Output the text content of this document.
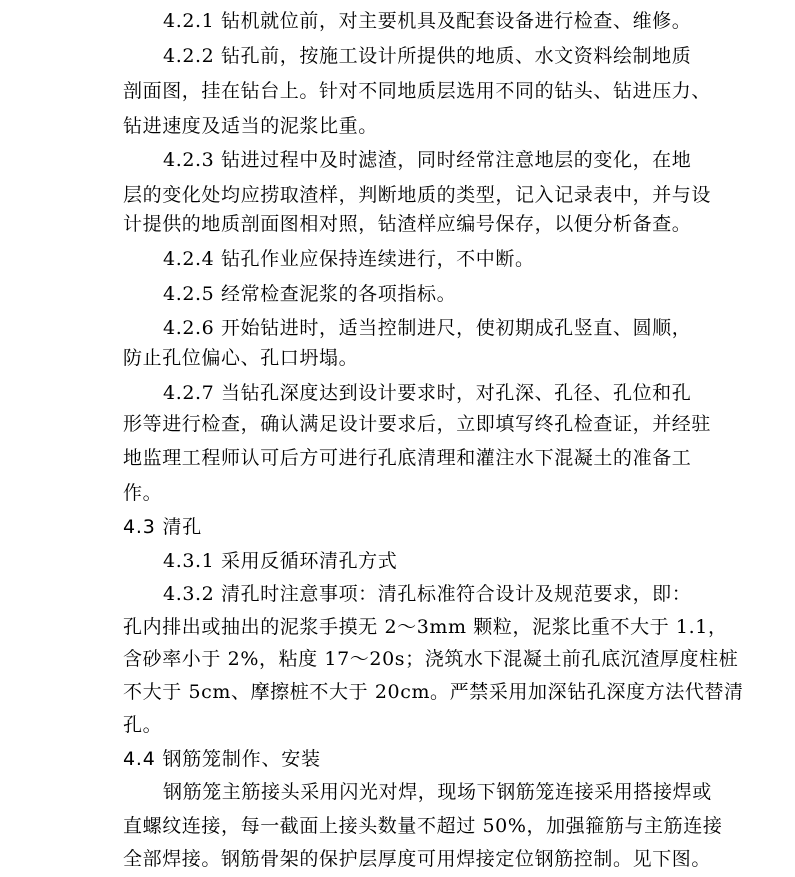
4.2.1 钻机就位前，对主要机具及配套设备进行检查、维修。
4.2.2 钻孔前，按施工设计所提供的地质、水文资料绘制地质
剖面图，挂在钻台上。针对不同地质层选用不同的钻头、钻进压力、
钻进速度及适当的泥浆比重。
4.2.3 钻进过程中及时滤渣，同时经常注意地层的变化，在地
层的变化处均应捞取渣样，判断地质的类型，记入记录表中，并与设
计提供的地质剖面图相对照，钻渣样应编号保存，以便分析备查。
4.2.4 钻孔作业应保持连续进行，不中断。
4.2.5 经常检查泥浆的各项指标。
4.2.6 开始钻进时，适当控制进尺，使初期成孔竖直、圆顺，
防止孔位偏心、孔口坍塌。
4.2.7 当钻孔深度达到设计要求时，对孔深、孔径、孔位和孔
形等进行检查，确认满足设计要求后，立即填写终孔检查证，并经驻
地监理工程师认可后方可进行孔底清理和灌注水下混凝土的准备工
作。
4.3 清孔
4.3.1 采用反循环清孔方式
4.3.2 清孔时注意事项：清孔标准符合设计及规范要求，即：
孔内排出或抽出的泥浆手摸无 2～3mm 颗粒，泥浆比重不大于 1.1，
含砂率小于 2%，粘度 17～20s；浇筑水下混凝土前孔底沉渣厚度柱桩
不大于 5cm、摩擦桩不大于 20cm。严禁采用加深钻孔深度方法代替清
孔。
4.4 钢筋笼制作、安装
钢筋笼主筋接头采用闪光对焊，现场下钢筋笼连接采用搭接焊或
直螺纹连接，每一截面上接头数量不超过 50%，加强箍筋与主筋连接
全部焊接。钢筋骨架的保护层厚度可用焊接定位钢筋控制。见下图。
